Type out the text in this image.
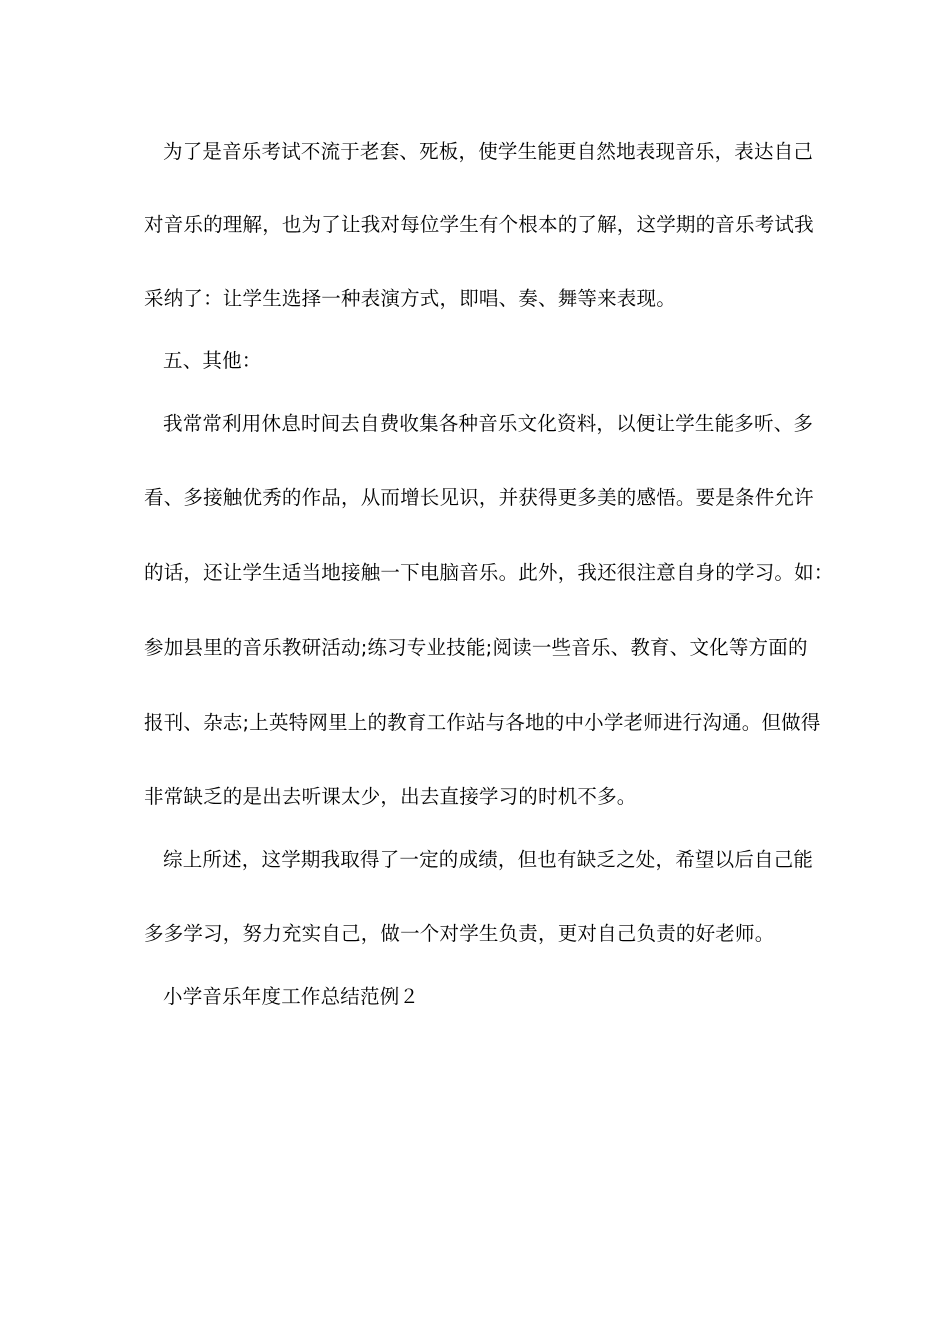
为了是音乐考试不流于老套、死板，使学生能更自然地表现音乐，表达自己
对音乐的理解，也为了让我对每位学生有个根本的了解，这学期的音乐考试我
采纳了：让学生选择一种表演方式，即唱、奏、舞等来表现。
五、其他：
我常常利用休息时间去自费收集各种音乐文化资料，以便让学生能多听、多
看、多接触优秀的作品，从而增长见识，并获得更多美的感悟。要是条件允许
的话，还让学生适当地接触一下电脑音乐。此外，我还很注意自身的学习。如：
参加县里的音乐教研活动;练习专业技能;阅读一些音乐、教育、文化等方面的
报刊、杂志;上英特网里上的教育工作站与各地的中小学老师进行沟通。但做得
非常缺乏的是出去听课太少，出去直接学习的时机不多。
综上所述，这学期我取得了一定的成绩，但也有缺乏之处，希望以后自己能
多多学习，努力充实自己，做一个对学生负责，更对自己负责的好老师。
小学音乐年度工作总结范例２
